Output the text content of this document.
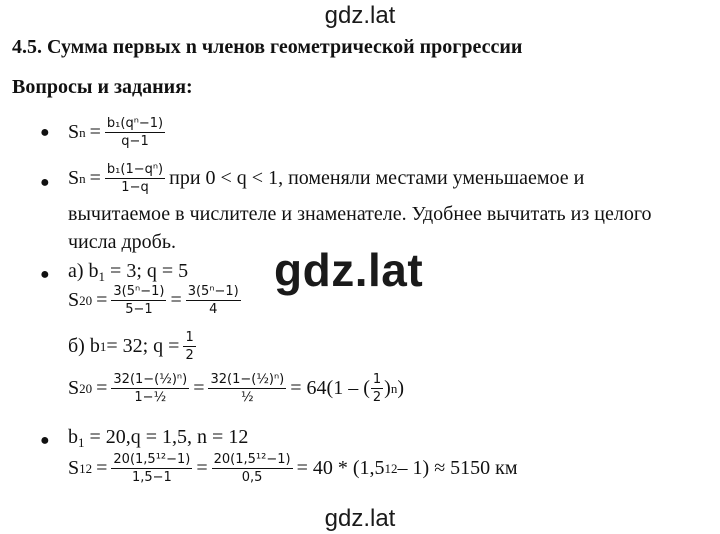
gdz.lat
4.5. Сумма первых n членов геометрической прогрессии
Вопросы и задания:
● S $n = \frac{\text{b₁(qⁿ−1)}}{q-1}$
● S $n = \frac{\text{b₁(1−qⁿ)}}{1-q}$ при 0 < q < 1, поменяли местами уменьшаемое и
вычитаемое в числителе и знаменателе. Удобнее вычитать из целого
числа дробь.
● а) $b_1 = 3$; q = 5
S $20 = \frac{\text{3(5ⁿ−1)}}{5-1} = \frac{\text{3(5ⁿ−1)}}{4}$
б) b 1 = 32; $q = \frac{1}{2}$
S $20 = \frac{\text{32(1−(½)ⁿ)}}{\text{1−½}} = \frac{\text{32(1−(½)ⁿ)}}{\text{½}} = 64(1$ – ( $\frac{1}{2}$ ) n )
● $b_1 = 20,q = 1,5$, n = 12
S $12 = \frac{\text{20(1,5¹²−1)}}{1,5-1} = \frac{\text{20(1,5¹²−1)}}{0,5} = 40 * (1,5$ 12 – 1) ≈ 5150 км
gdz.lat
gdz.lat
